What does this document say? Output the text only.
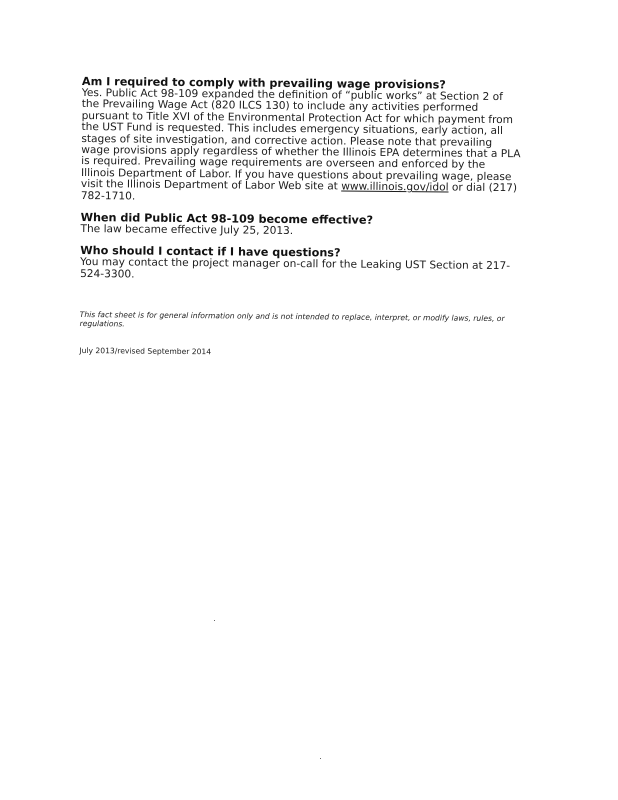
Am I required to comply with prevailing wage provisions?

Yes. Public Act 98-109 expanded the definition of “public works” at Section 2 of the Prevailing Wage Act (820 ILCS 130) to include any activities performed pursuant to Title XVI of the Environmental Protection Act for which payment from the UST Fund is requested. This includes emergency situations, early action, all stages of site investigation, and corrective action. Please note that prevailing wage provisions apply regardless of whether the Illinois EPA determines that a PLA is required. Prevailing wage requirements are overseen and enforced by the Illinois Department of Labor. If you have questions about prevailing wage, please visit the Illinois Department of Labor Web site at www.illinois.gov/idol or dial (217) 782-1710.

When did Public Act 98-109 become effective?

The law became effective July 25, 2013.

Who should I contact if I have questions?

You may contact the project manager on-call for the Leaking UST Section at 217-524-3300.

This fact sheet is for general information only and is not intended to replace, interpret, or modify laws, rules, or regulations.
July 2013/revised September 2014
